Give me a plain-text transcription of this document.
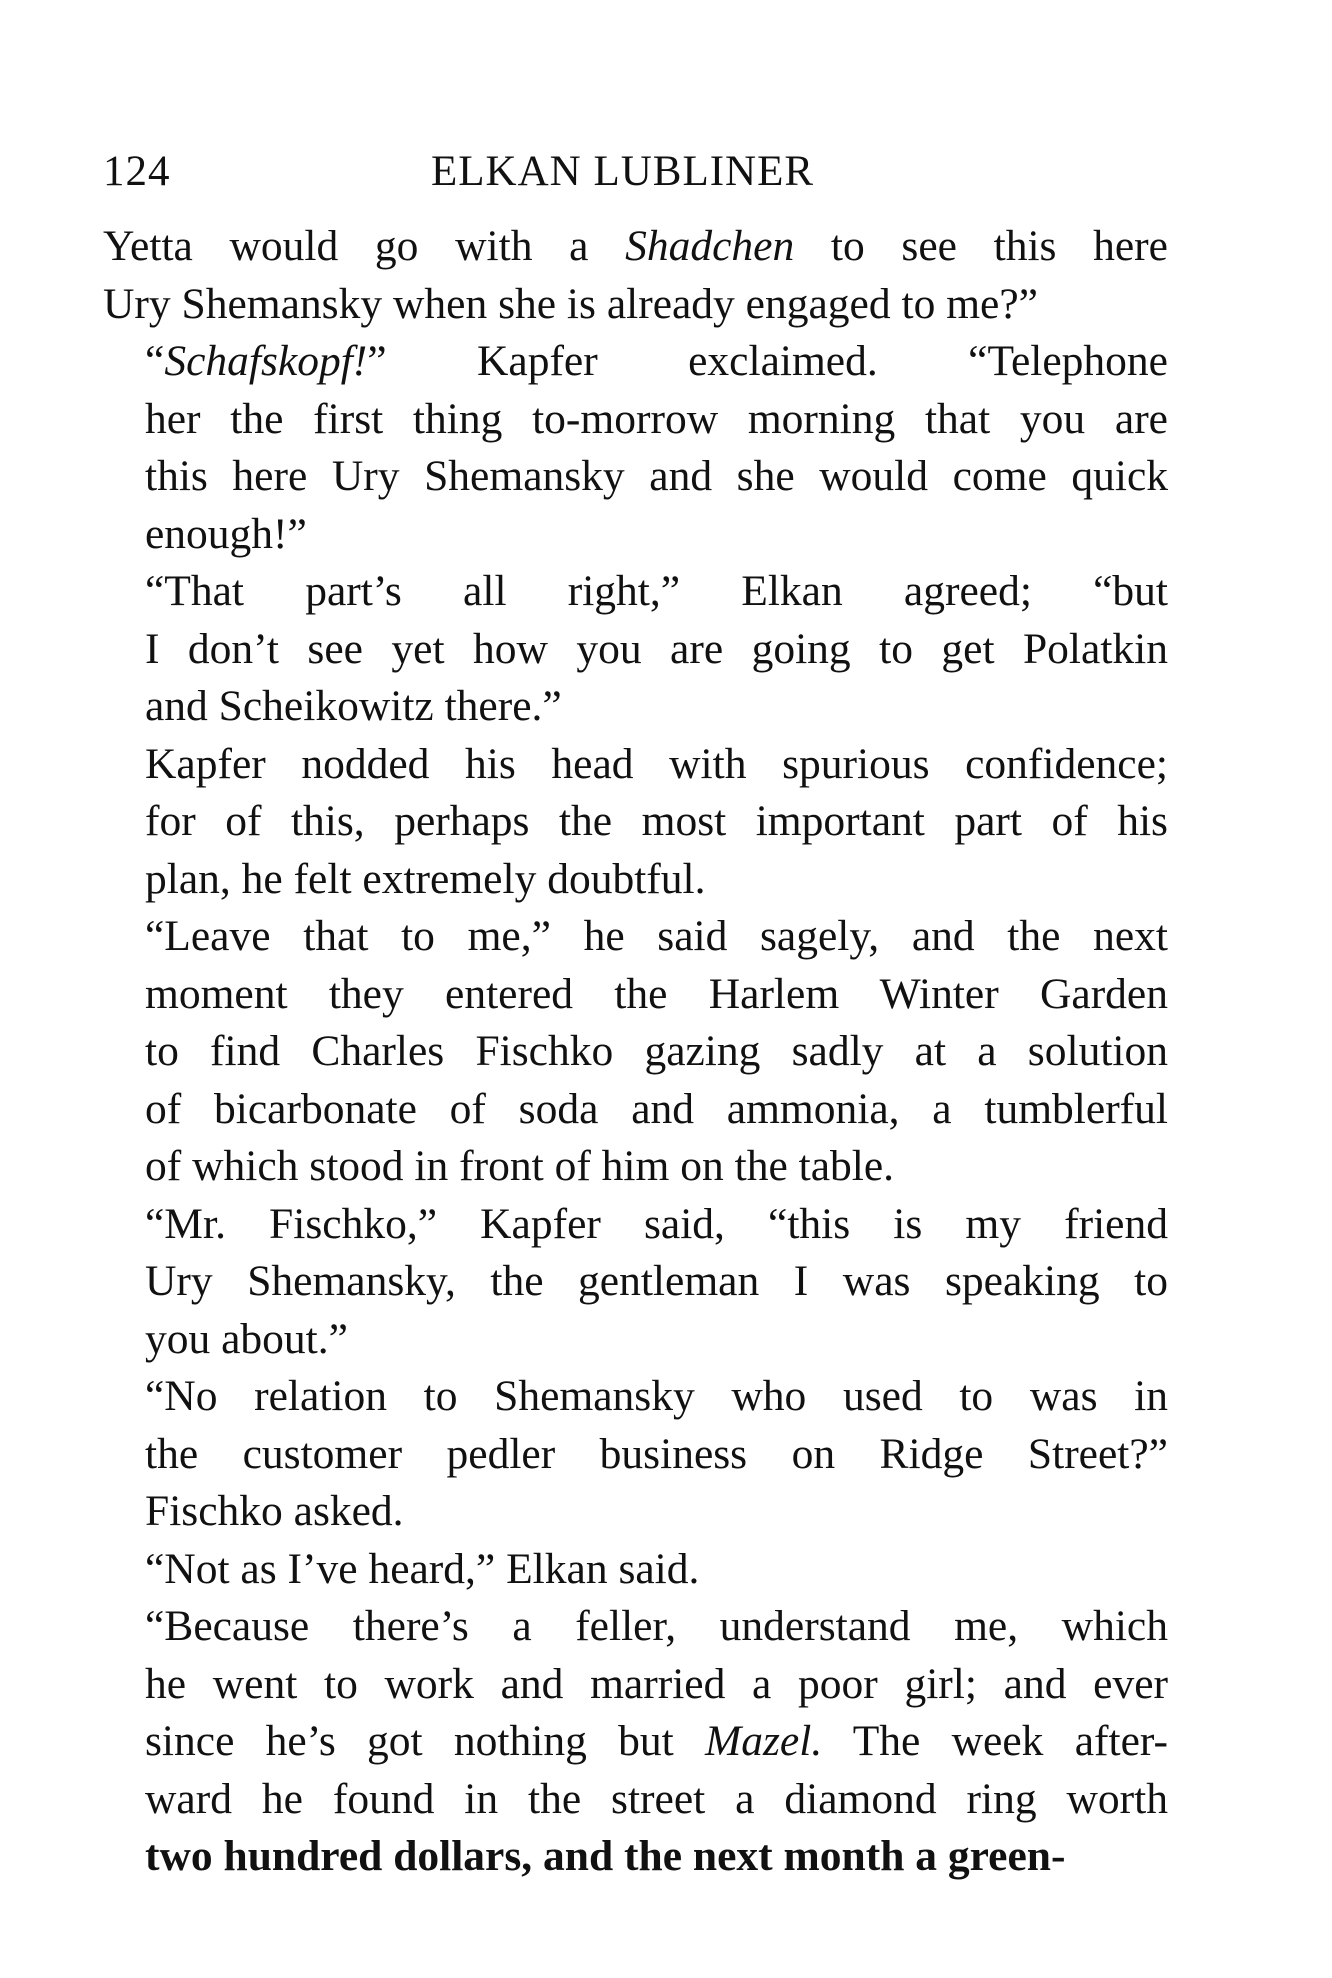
124	ELKAN LUBLINER
Yetta would go with a Shadchen to see this here
Ury Shemansky when she is already engaged to me?”
“Schafskopf!” Kapfer exclaimed. “Telephone
her the first thing to-morrow morning that you are
this here Ury Shemansky and she would come quick
enough!”
“That part’s all right,” Elkan agreed; “but
I don’t see yet how you are going to get Polatkin
and Scheikowitz there.”
Kapfer nodded his head with spurious confidence;
for of this, perhaps the most important part of his
plan, he felt extremely doubtful.
“Leave that to me,” he said sagely, and the next
moment they entered the Harlem Winter Garden
to find Charles Fischko gazing sadly at a solution
of bicarbonate of soda and ammonia, a tumblerful
of which stood in front of him on the table.
“Mr. Fischko,” Kapfer said, “this is my friend
Ury Shemansky, the gentleman I was speaking to
you about.”
“No relation to Shemansky who used to was in
the customer pedler business on Ridge Street?”
Fischko asked.
“Not as I’ve heard,” Elkan said.
“Because there’s a feller, understand me, which
he went to work and married a poor girl; and ever
since he’s got nothing but Mazel. The week after-
ward he found in the street a diamond ring worth
two hundred dollars, and the next month a green-
